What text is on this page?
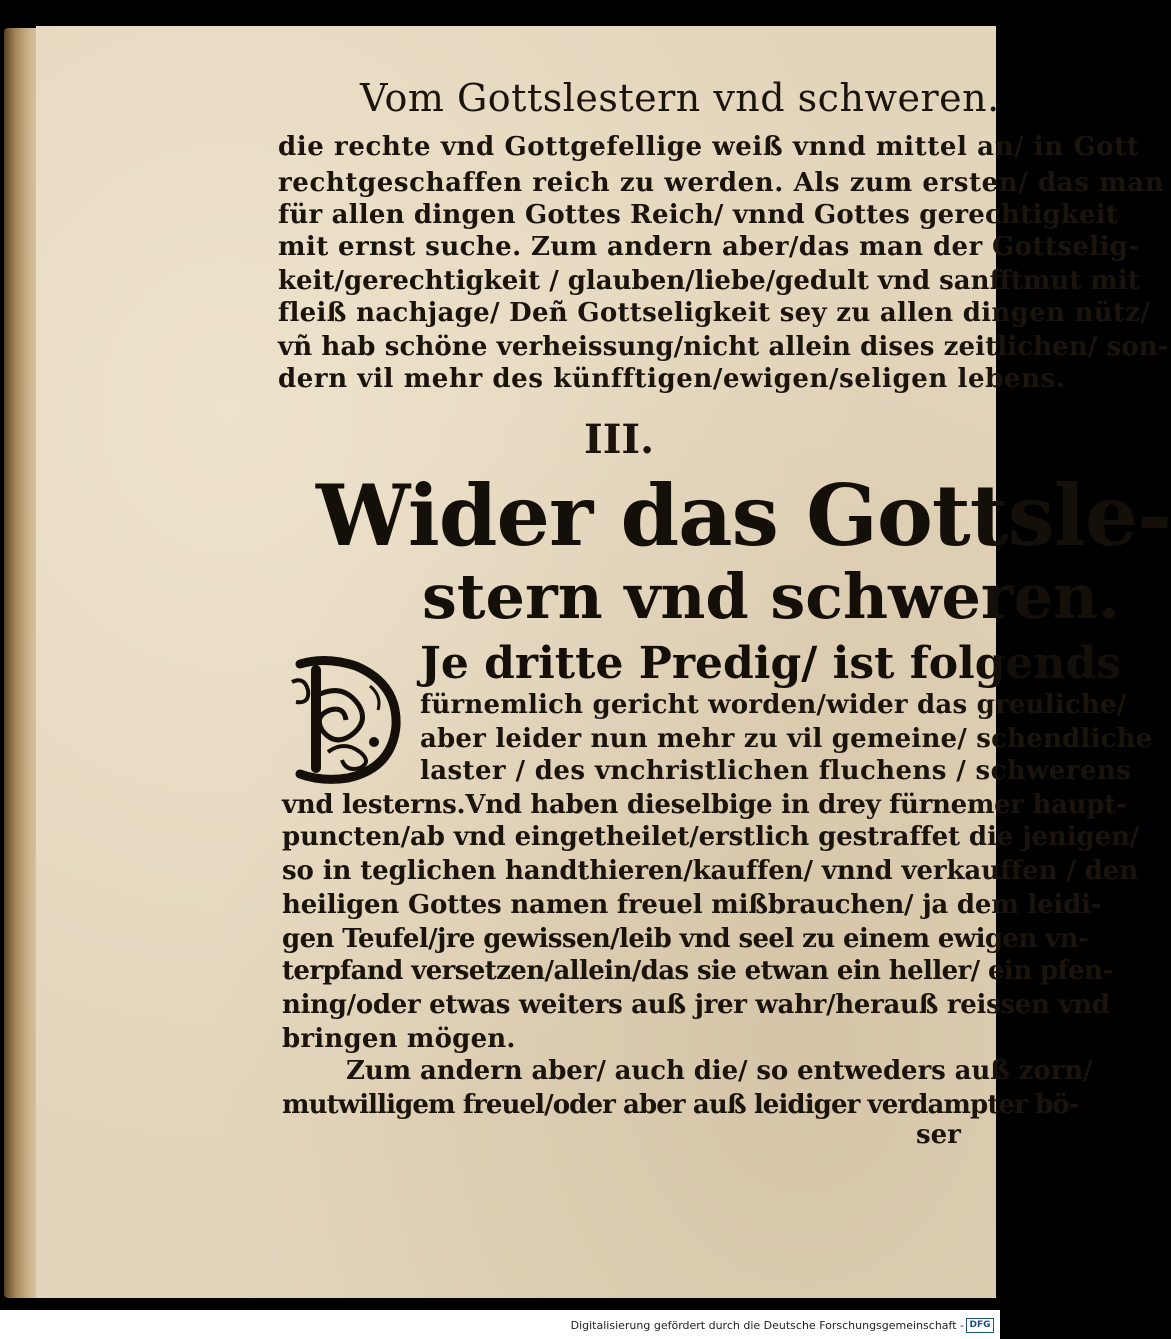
Vom Gottslestern vnd schweren.
die rechte vnd Gottgefellige weiß vnnd mittel an/ in Gott
rechtgeschaffen reich zu werden. Als zum ersten/ das man
für allen dingen Gottes Reich/ vnnd Gottes gerechtigkeit
mit ernst suche. Zum andern aber/das man der Gottselig-
keit/gerechtigkeit / glauben/liebe/gedult vnd sanfftmut mit
fleiß nachjage/ Deñ Gottseligkeit sey zu allen dingen nütz/
vñ hab schöne verheissung/nicht allein dises zeitlichen/ son-
dern vil mehr des künfftigen/ewigen/seligen lebens.
III.
Wider das Gottsle-
stern vnd schweren.
Je dritte Predig/ ist folgends
fürnemlich gericht worden/wider das greuliche/
aber leider nun mehr zu vil gemeine/ schendliche
laster / des vnchristlichen fluchens / schwerens
vnd lesterns.Vnd haben dieselbige in drey fürnemer haupt-
puncten/ab vnd eingetheilet/erstlich gestraffet die jenigen/
so in teglichen handthieren/kauffen/ vnnd verkauffen / den
heiligen Gottes namen freuel mißbrauchen/ ja dem leidi-
gen Teufel/jre gewissen/leib vnd seel zu einem ewigen vn-
terpfand versetzen/allein/das sie etwan ein heller/ ein pfen-
ning/oder etwas weiters auß jrer wahr/herauß reissen vnd
bringen mögen.
Zum andern aber/ auch die/ so entweders auß zorn/
mutwilligem freuel/oder aber auß leidiger verdampter bö-
ser
Digitalisierung gefördert durch die Deutsche Forschungsgemeinschaft - DFG
